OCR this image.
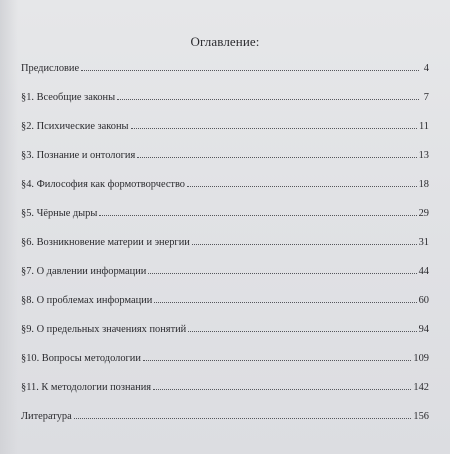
Оглавление:
Предисловие	4
§1. Всеобщие законы	7
§2. Психические законы	11
§3. Познание и онтология	13
§4. Философия как формотворчество	18
§5. Чёрные дыры	29
§6. Возникновение материи и энергии	31
§7. О давлении информации	44
§8. О проблемах информации	60
§9. О предельных значениях понятий	94
§10. Вопросы методологии	109
§11. К методологии познания	142
Литература	156
